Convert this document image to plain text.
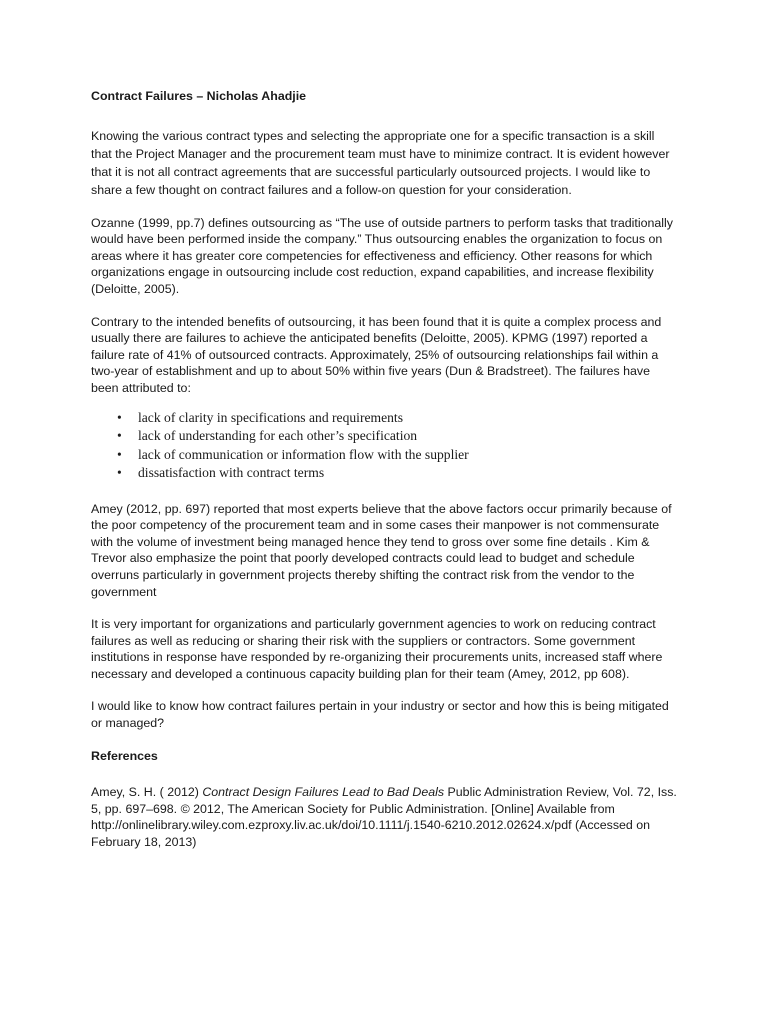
Contract Failures – Nicholas Ahadjie
Knowing the various contract types and selecting the appropriate one for a specific transaction is a skill that the Project Manager and the procurement team must have to minimize contract. It is evident however that it is not all contract agreements that are successful particularly outsourced projects. I would like to share a few thought on contract failures and a follow-on question for your consideration.
Ozanne (1999, pp.7) defines outsourcing as “The use of outside partners to perform tasks that traditionally would have been performed inside the company.” Thus outsourcing enables the organization to focus on areas where it has greater core competencies for effectiveness and efficiency. Other reasons for which organizations engage in outsourcing include cost reduction, expand capabilities, and increase flexibility (Deloitte, 2005).
Contrary to the intended benefits of outsourcing, it has been found that it is quite a complex process and usually there are failures to achieve the anticipated benefits (Deloitte, 2005). KPMG (1997) reported a failure rate of 41% of outsourced contracts. Approximately, 25% of outsourcing relationships fail within a two-year of establishment and up to about 50% within five years (Dun & Bradstreet). The failures have been attributed to:
• lack of clarity in specifications and requirements
• lack of understanding for each other’s specification
• lack of communication or information flow with the supplier
• dissatisfaction with contract terms
Amey (2012, pp. 697) reported that most experts believe that the above factors occur primarily because of the poor competency of the procurement team and in some cases their manpower is not commensurate with the volume of investment being managed hence they tend to gross over some fine details . Kim & Trevor also emphasize the point that poorly developed contracts could lead to budget and schedule overruns particularly in government projects thereby shifting the contract risk from the vendor to the government
It is very important for organizations and particularly government agencies to work on reducing contract failures as well as reducing or sharing their risk with the suppliers or contractors. Some government institutions in response have responded by re-organizing their procurements units, increased staff where necessary and developed a continuous capacity building plan for their team (Amey, 2012, pp 608).
I would like to know how contract failures pertain in your industry or sector and how this is being mitigated or managed?
References
Amey, S. H. ( 2012) Contract Design Failures Lead to Bad Deals Public Administration Review, Vol. 72, Iss. 5, pp. 697–698. © 2012, The American Society for Public Administration. [Online] Available from http://onlinelibrary.wiley.com.ezproxy.liv.ac.uk/doi/10.1111/j.1540-6210.2012.02624.x/pdf (Accessed on February 18, 2013)
